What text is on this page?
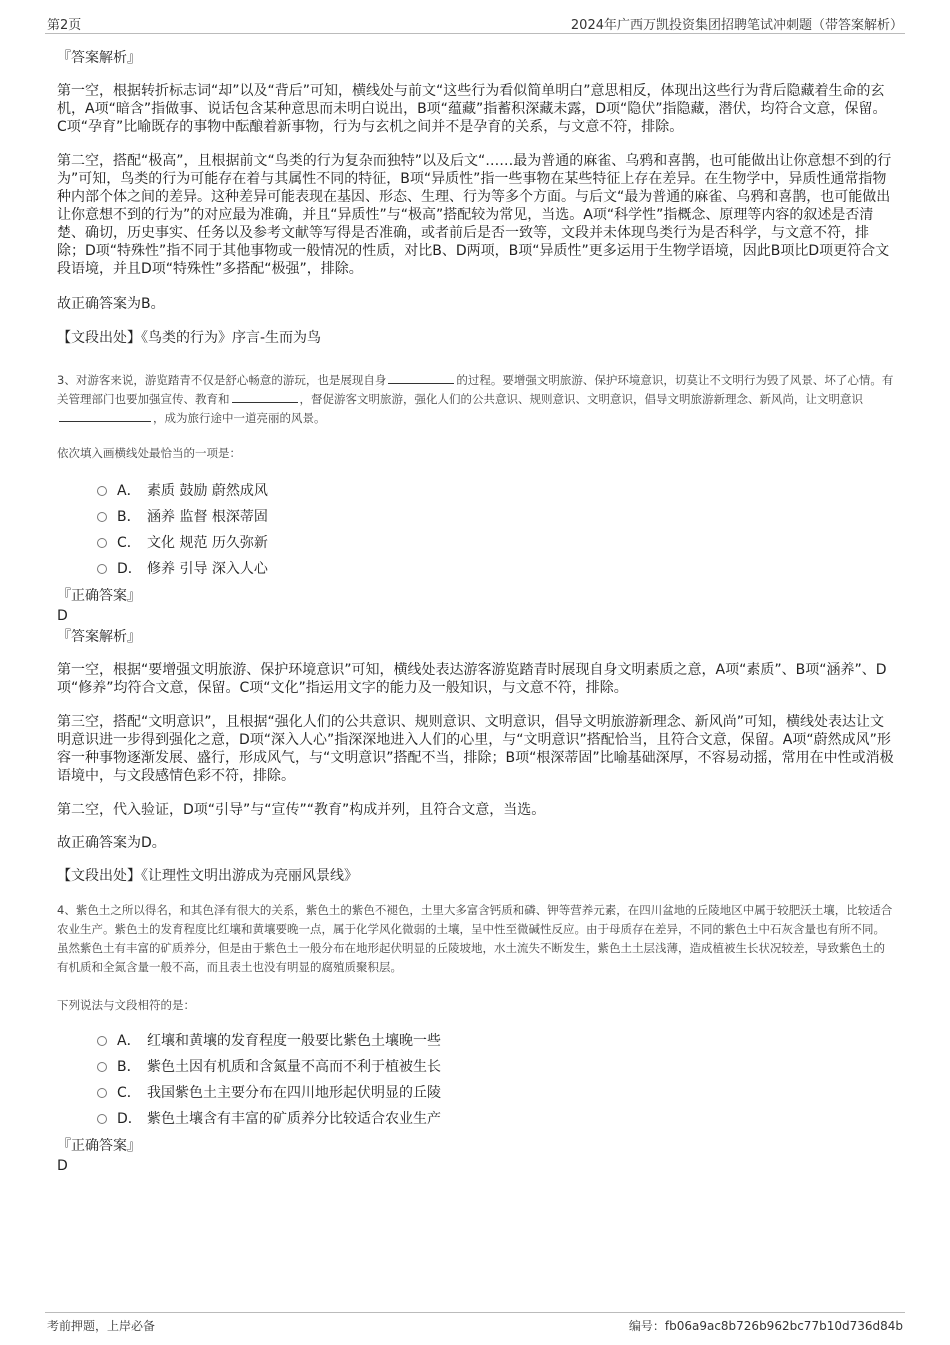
第2页	2024年广西万凯投资集团招聘笔试冲刺题（带答案解析）
『答案解析』
第一空，根据转折标志词“却”以及“背后”可知，横线处与前文“这些行为看似简单明白”意思相反，体现出这些行为背后隐藏着生命的玄机，A项“暗含”指做事、说话包含某种意思而未明白说出，B项“蕴藏”指蓄积深藏未露，D项“隐伏”指隐藏，潜伏，均符合文意，保留。C项“孕育”比喻既存的事物中酝酿着新事物，行为与玄机之间并不是孕育的关系，与文意不符，排除。
第二空，搭配“极高”，且根据前文“鸟类的行为复杂而独特”以及后文“……最为普通的麻雀、乌鸦和喜鹊，也可能做出让你意想不到的行为”可知，鸟类的行为可能存在着与其属性不同的特征，B项“异质性”指一些事物在某些特征上存在差异。在生物学中，异质性通常指物种内部个体之间的差异。这种差异可能表现在基因、形态、生理、行为等多个方面。与后文“最为普通的麻雀、乌鸦和喜鹊，也可能做出让你意想不到的行为”的对应最为准确，并且“异质性”与“极高”搭配较为常见，当选。A项“科学性”指概念、原理等内容的叙述是否清楚、确切，历史事实、任务以及参考文献等写得是否准确，或者前后是否一致等，文段并未体现鸟类行为是否科学，与文意不符，排除；D项“特殊性”指不同于其他事物或一般情况的性质，对比B、D两项，B项“异质性”更多运用于生物学语境，因此B项比D项更符合文段语境，并且D项“特殊性”多搭配“极强”，排除。
故正确答案为B。
【文段出处】《鸟类的行为》序言-生而为鸟
3、对游客来说，游览踏青不仅是舒心畅意的游玩，也是展现自身	的过程。要增强文明旅游、保护环境意识，切莫让不文明行为毁了风景、坏了心情。有关管理部门也要加强宣传、教育和	，督促游客文明旅游，强化人们的公共意识、规则意识、文明意识，倡导文明旅游新理念、新风尚，让文明意识，成为旅行途中一道亮丽的风景。
依次填入画横线处最恰当的一项是：
A． 素质 鼓励 蔚然成风
B． 涵养 监督 根深蒂固
C． 文化 规范 历久弥新
D． 修养 引导 深入人心
『正确答案』
D
『答案解析』
第一空，根据“要增强文明旅游、保护环境意识”可知，横线处表达游客游览踏青时展现自身文明素质之意，A项“素质”、B项“涵养”、D项“修养”均符合文意，保留。C项“文化”指运用文字的能力及一般知识，与文意不符，排除。
第三空，搭配“文明意识”，且根据“强化人们的公共意识、规则意识、文明意识，倡导文明旅游新理念、新风尚”可知，横线处表达让文明意识进一步得到强化之意，D项“深入人心”指深深地进入人们的心里，与“文明意识”搭配恰当，且符合文意，保留。A项“蔚然成风”形容一种事物逐渐发展、盛行，形成风气，与“文明意识”搭配不当，排除；B项“根深蒂固”比喻基础深厚，不容易动摇，常用在中性或消极语境中，与文段感情色彩不符，排除。
第二空，代入验证，D项“引导”与“宣传”“教育”构成并列，且符合文意，当选。
故正确答案为D。
【文段出处】《让理性文明出游成为亮丽风景线》
4、紫色土之所以得名，和其色泽有很大的关系，紫色土的紫色不褪色，土里大多富含钙质和磷、钾等营养元素，在四川盆地的丘陵地区中属于较肥沃土壤，比较适合农业生产。紫色土的发育程度比红壤和黄壤要晚一点，属于化学风化微弱的土壤，呈中性至微碱性反应。由于母质存在差异，不同的紫色土中石灰含量也有所不同。虽然紫色土有丰富的矿质养分，但是由于紫色土一般分布在地形起伏明显的丘陵坡地，水土流失不断发生，紫色土土层浅薄，造成植被生长状况较差，导致紫色土的有机质和全氮含量一般不高，而且表土也没有明显的腐殖质聚积层。
下列说法与文段相符的是：
A． 红壤和黄壤的发育程度一般要比紫色土壤晚一些
B． 紫色土因有机质和含氮量不高而不利于植被生长
C． 我国紫色土主要分布在四川地形起伏明显的丘陵
D． 紫色土壤含有丰富的矿质养分比较适合农业生产
『正确答案』
D
考前押题，上岸必备	编号：fb06a9ac8b726b962bc77b10d736d84b
